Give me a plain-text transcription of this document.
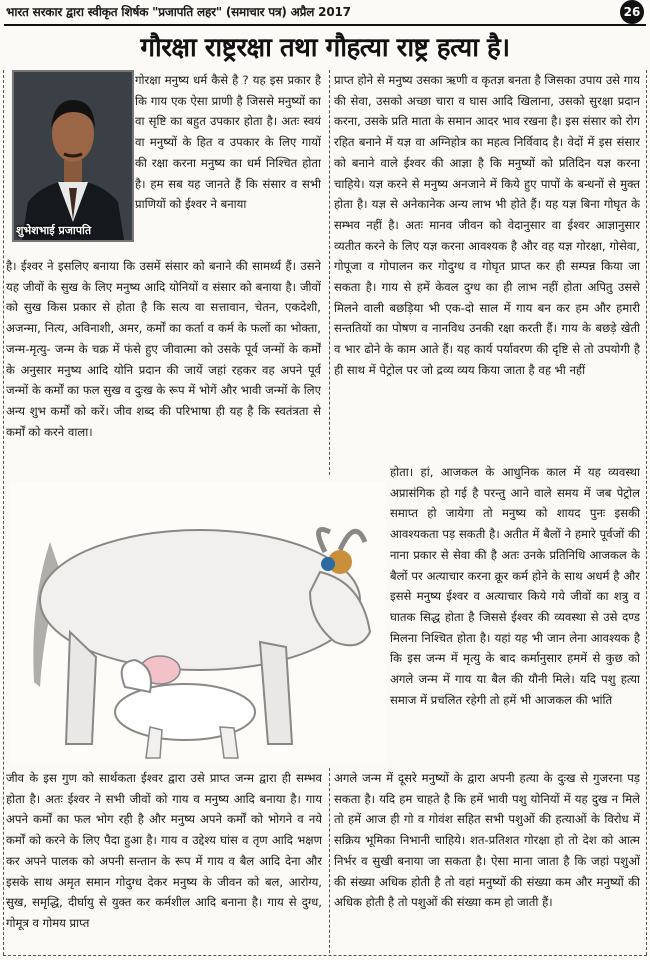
भारत सरकार द्वारा स्वीकृत शिर्षक "प्रजापति लहर" (समाचार पत्र) अप्रैल 2017	26
गौरक्षा राष्ट्ररक्षा तथा गौहत्या राष्ट्र हत्या है।
शुभेशभाई प्रजापति
गोरक्षा मनुष्य धर्म कैसे है ? यह इस प्रकार है कि गाय एक ऐसा प्राणी है जिससे मनुष्यों का वा सृष्टि का बहुत उपकार होता है। अतः स्वयं वा मनुष्यों के हित व उपकार के लिए गायों की रक्षा करना मनुष्य का धर्म निश्चित होता है। हम सब यह जानते हैं कि संसार व सभी प्राणियों को ईश्वर ने बनाया
है। ईश्वर ने इसलिए बनाया कि उसमें संसार को बनाने की सामर्थ्य हैं। उसने यह जीवों के सुख के लिए मनुष्य आदि योनियों व संसार को बनाया है। जीवों को सुख किस प्रकार से होता है कि सत्य वा सत्तावान, चेतन, एकदेशी, अजन्मा, नित्य, अविनाशी, अमर, कर्मों का कर्ता व कर्म के फलों का भोक्ता, जन्म-मृत्यु- जन्म के चक्र में फंसे हुए जीवात्मा को उसके पूर्व जन्मों के कर्मों के अनुसार मनुष्य आदि योनि प्रदान की जायें जहां रहकर वह अपने पूर्व जन्मों के कर्मों का फल सुख व दुःख के रूप में भोगें और भावी जन्मों के लिए अन्य शुभ कर्मों को करें। जीव शब्द की परिभाषा ही यह है कि स्वतंत्रता से कर्मों को करने वाला।
प्राप्त होने से मनुष्य उसका ऋणी व कृतज्ञ बनता है जिसका उपाय उसे गाय की सेवा, उसको अच्छा चारा व घास आदि खिलाना, उसको सुरक्षा प्रदान करना, उसके प्रति माता के समान आदर भाव रखना है। इस संसार को रोग रहित बनाने में यज्ञ वा अग्निहोत्र का महत्व निर्विवाद है। वेदों में इस संसार को बनाने वाले ईश्वर की आज्ञा है कि मनुष्यों को प्रतिदिन यज्ञ करना चाहिये। यज्ञ करने से मनुष्य अनजाने में किये हुए पापों के बन्धनों से मुक्त होता है। यज्ञ से अनेकानेक अन्य लाभ भी होते हैं। यह यज्ञ बिना गोघृत के सम्भव नहीं है। अतः मानव जीवन को वेदानुसार वा ईश्वर आज्ञानुसार व्यतीत करने के लिए यज्ञ करना आवश्यक है और वह यज्ञ गोरक्षा, गोसेवा, गोपूजा व गोपालन कर गोदुग्ध व गोघृत प्राप्त कर ही सम्पन्न किया जा सकता है। गाय से हमें केवल दुग्ध का ही लाभ नहीं होता अपितु उससे मिलने वाली बछड़िया भी एक-दो साल में गाय बन कर हम और हमारी सन्ततियों का पोषण व नानविध उनकी रक्षा करती हैं। गाय के बछड़े खेती व भार ढोने के काम आते हैं। यह कार्य पर्यावरण की दृष्टि से तो उपयोगी है ही साथ में पेट्रोल पर जो द्रव्य व्यय किया जाता है वह भी नहीं
होता। हां, आजकल के आधुनिक काल में यह व्यवस्था अप्रासंगिक हो गई है परन्तु आने वाले समय में जब पेट्रोल समाप्त हो जायेगा तो मनुष्य को शायद पुनः इसकी आवश्यकता पड़ सकती है। अतीत में बैलों ने हमारे पूर्वजों की नाना प्रकार से सेवा की है अतः उनके प्रतिनिधि आजकल के बैलों पर अत्याचार करना क्रूर कर्म होने के साथ अधर्म है और इससे मनुष्य ईश्वर व अत्याचार किये गये जीवों का शत्रु व घातक सिद्ध होता है जिससे ईश्वर की व्यवस्था से उसे दण्ड मिलना निश्चित होता है। यहां यह भी जान लेना आवश्यक है कि इस जन्म में मृत्यु के बाद कर्मानुसार हममें से कुछ को अगले जन्म में गाय या बैल की यौनी मिले। यदि पशु हत्या समाज में प्रचलित रहेगी तो हमें भी आजकल की भांति
जीव के इस गुण को सार्थकता ईश्वर द्वारा उसे प्राप्त जन्म द्वारा ही सम्भव होता है। अतः ईश्वर ने सभी जीवों को गाय व मनुष्य आदि बनाया है। गाय अपने कर्मों का फल भोग रही है और मनुष्य अपने कर्मों को भोगने व नये कर्मों को करने के लिए पैदा हुआ है। गाय व उद्देश्य घांस व तृण आदि भक्षण कर अपने पालक को अपनी सन्तान के रूप में गाय व बैल आदि देना और इसके साथ अमृत समान गोदुग्ध देकर मनुष्य के जीवन को बल, आरोग्य, सुख, समृद्धि, दीर्घायु से युक्त कर कर्मशील आदि बनाना है। गाय से दुग्ध, गोमूत्र व गोमय प्राप्त
अगले जन्म में दूसरे मनुष्यों के द्वारा अपनी हत्या के दुःख से गुजरना पड़ सकता है। यदि हम चाहते है कि हमें भावी पशु योनियों में यह दुख न मिले तो हमें आज ही गो व गोवंश सहित सभी पशुओं की हत्याओं के विरोध में सक्रिय भूमिका निभानी चाहिये। शत-प्रतिशत गोरक्षा हो तो देश को आत्म निर्भर व सुखी बनाया जा सकता है। ऐसा माना जाता है कि जहां पशुओं की संख्या अधिक होती है तो वहां मनुष्यों की संख्या कम और मनुष्यों की अधिक होती है तो पशुओं की संख्या कम हो जाती हैं।
